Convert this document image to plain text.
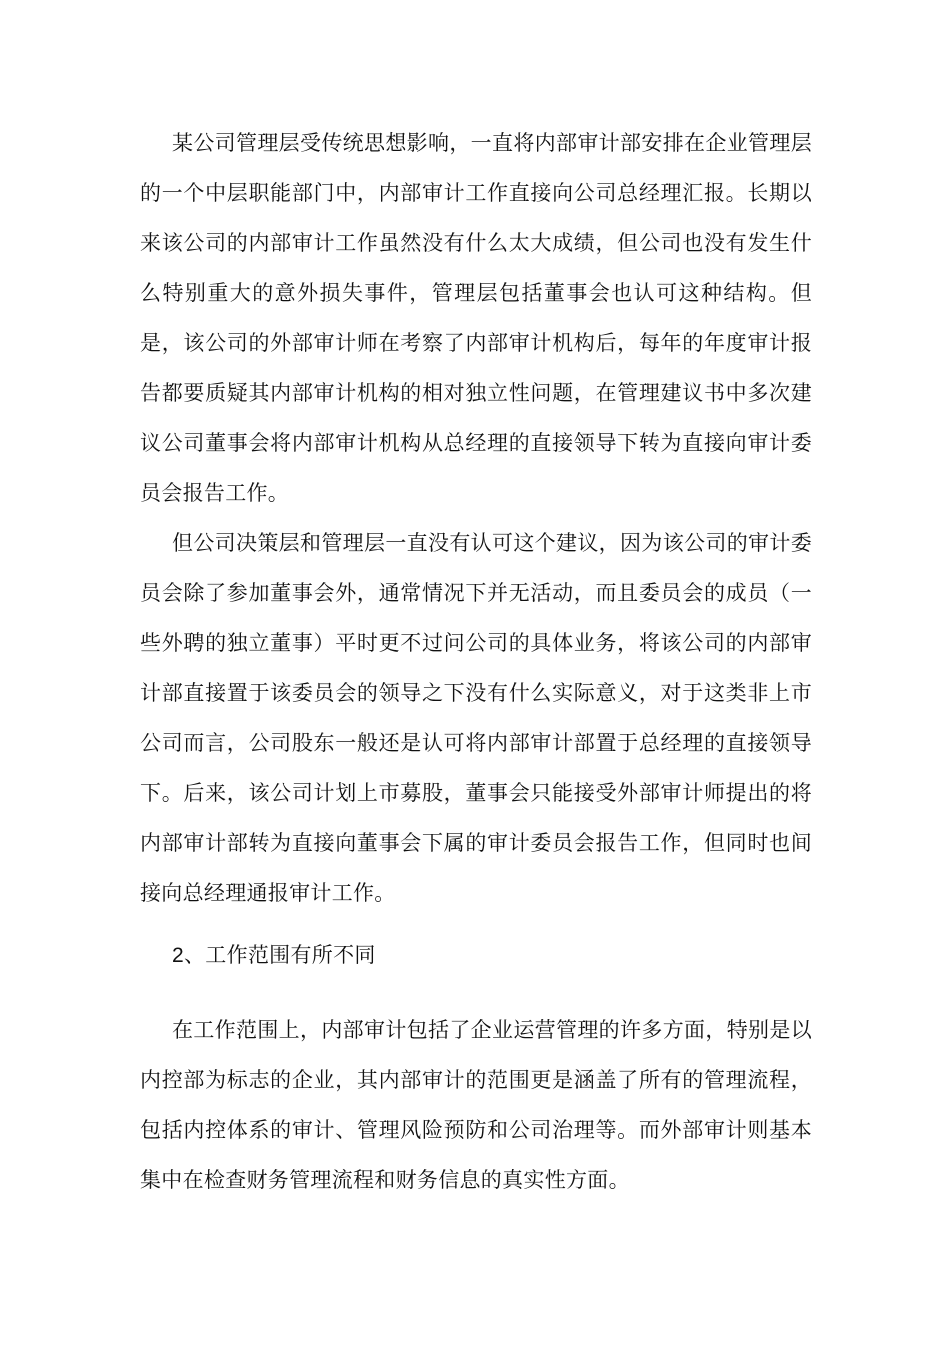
某公司管理层受传统思想影响，一直将内部审计部安排在企业管理层的一个中层职能部门中，内部审计工作直接向公司总经理汇报。长期以来该公司的内部审计工作虽然没有什么太大成绩，但公司也没有发生什么特别重大的意外损失事件，管理层包括董事会也认可这种结构。但是，该公司的外部审计师在考察了内部审计机构后，每年的年度审计报告都要质疑其内部审计机构的相对独立性问题，在管理建议书中多次建议公司董事会将内部审计机构从总经理的直接领导下转为直接向审计委员会报告工作。

但公司决策层和管理层一直没有认可这个建议，因为该公司的审计委员会除了参加董事会外，通常情况下并无活动，而且委员会的成员（一些外聘的独立董事）平时更不过问公司的具体业务，将该公司的内部审计部直接置于该委员会的领导之下没有什么实际意义，对于这类非上市公司而言，公司股东一般还是认可将内部审计部置于总经理的直接领导下。后来，该公司计划上市募股，董事会只能接受外部审计师提出的将内部审计部转为直接向董事会下属的审计委员会报告工作，但同时也间接向总经理通报审计工作。

2、工作范围有所不同

在工作范围上，内部审计包括了企业运营管理的许多方面，特别是以内控部为标志的企业，其内部审计的范围更是涵盖了所有的管理流程，包括内控体系的审计、管理风险预防和公司治理等。而外部审计则基本集中在检查财务管理流程和财务信息的真实性方面。
